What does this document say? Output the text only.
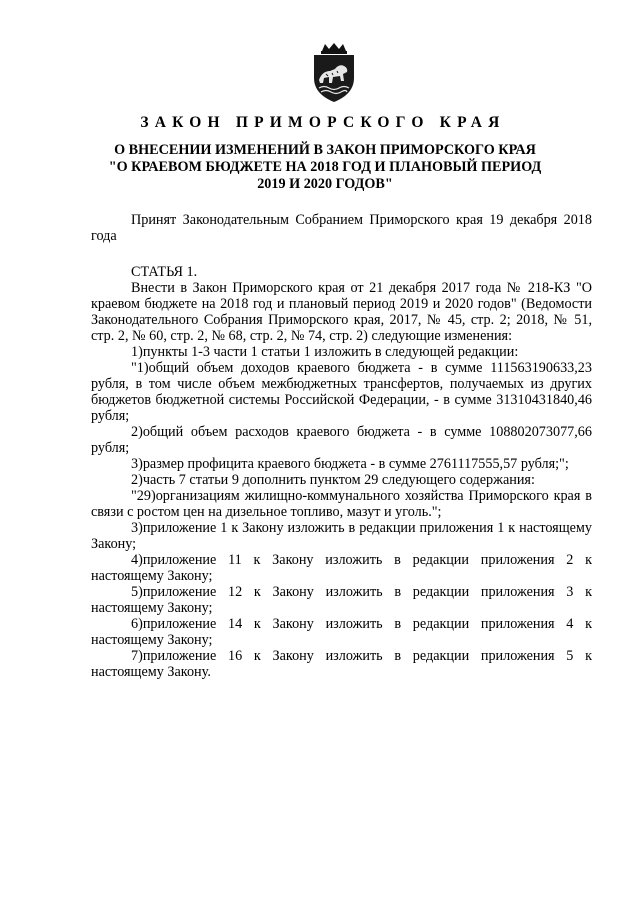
ЗАКОН ПРИМОРСКОГО КРАЯ
О ВНЕСЕНИИ ИЗМЕНЕНИЙ В ЗАКОН ПРИМОРСКОГО КРАЯ
"О КРАЕВОМ БЮДЖЕТЕ НА 2018 ГОД И ПЛАНОВЫЙ ПЕРИОД
2019 И 2020 ГОДОВ"

Принят Законодательным Собранием Приморского края 19 декабря 2018 года

СТАТЬЯ 1.

Внести в Закон Приморского края от 21 декабря 2017 года № 218-КЗ "О краевом бюджете на 2018 год и плановый период 2019 и 2020 годов" (Ведомости Законодательного Собрания Приморского края, 2017, № 45, стр. 2; 2018, № 51, стр. 2, № 60, стр. 2, № 68, стр. 2, № 74, стр. 2) следующие изменения:

1)пункты 1-3 части 1 статьи 1 изложить в следующей редакции:

"1)общий объем доходов краевого бюджета - в сумме 111563190633,23 рубля, в том числе объем межбюджетных трансфертов, получаемых из других бюджетов бюджетной системы Российской Федерации, - в сумме 31310431840,46 рубля;

2)общий объем расходов краевого бюджета - в сумме 108802073077,66 рубля;

3)размер профицита краевого бюджета - в сумме 2761117555,57 рубля;";

2)часть 7 статьи 9 дополнить пунктом 29 следующего содержания:

"29)организациям жилищно-коммунального хозяйства Приморского края в связи с ростом цен на дизельное топливо, мазут и уголь.";

3)приложение 1 к Закону изложить в редакции приложения 1 к настоящему Закону;

4)приложение 11 к Закону изложить в редакции приложения 2 к настоящему Закону;

5)приложение 12 к Закону изложить в редакции приложения 3 к настоящему Закону;

6)приложение 14 к Закону изложить в редакции приложения 4 к настоящему Закону;

7)приложение 16 к Закону изложить в редакции приложения 5 к настоящему Закону.
